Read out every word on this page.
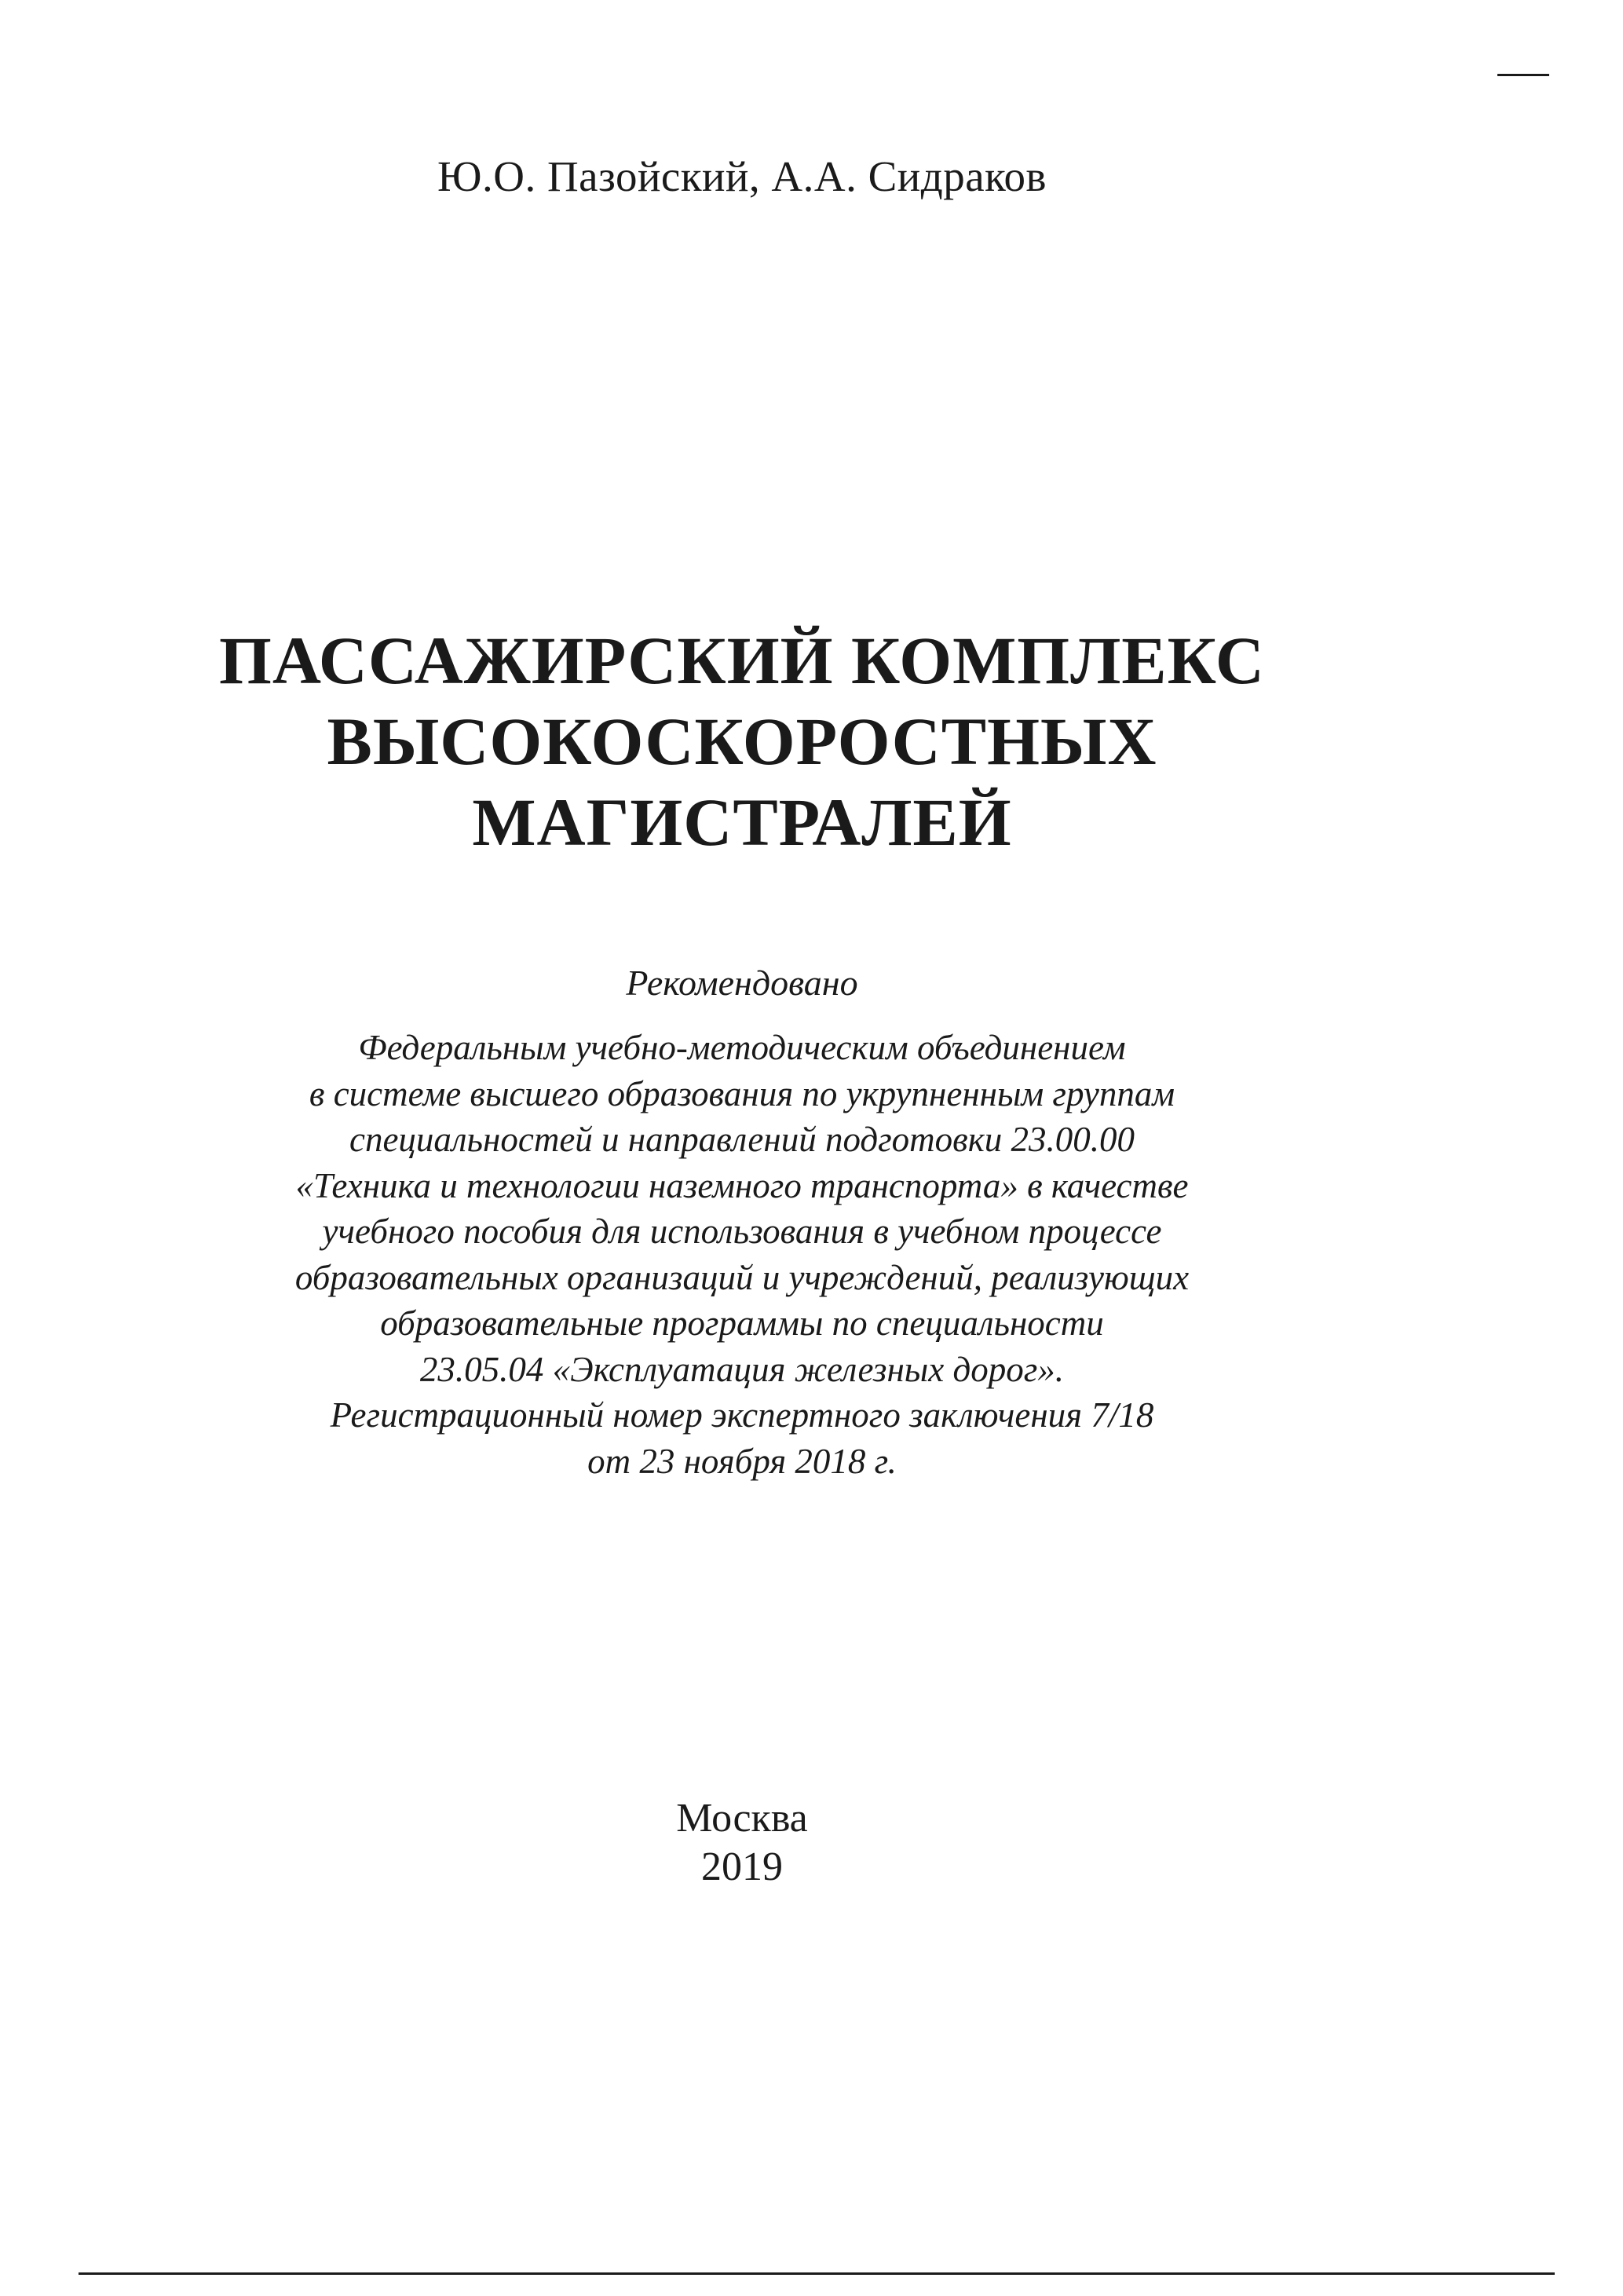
Ю.О. Пазойский, А.А. Сидраков
ПАССАЖИРСКИЙ КОМПЛЕКС
ВЫСОКОСКОРОСТНЫХ
МАГИСТРАЛЕЙ
Рекомендовано
Федеральным учебно-методическим объединением
в системе высшего образования по укрупненным группам
специальностей и направлений подготовки 23.00.00
«Техника и технологии наземного транспорта» в качестве
учебного пособия для использования в учебном процессе
образовательных организаций и учреждений, реализующих
образовательные программы по специальности
23.05.04 «Эксплуатация железных дорог».
Регистрационный номер экспертного заключения 7/18
от 23 ноября 2018 г.
Москва
2019
